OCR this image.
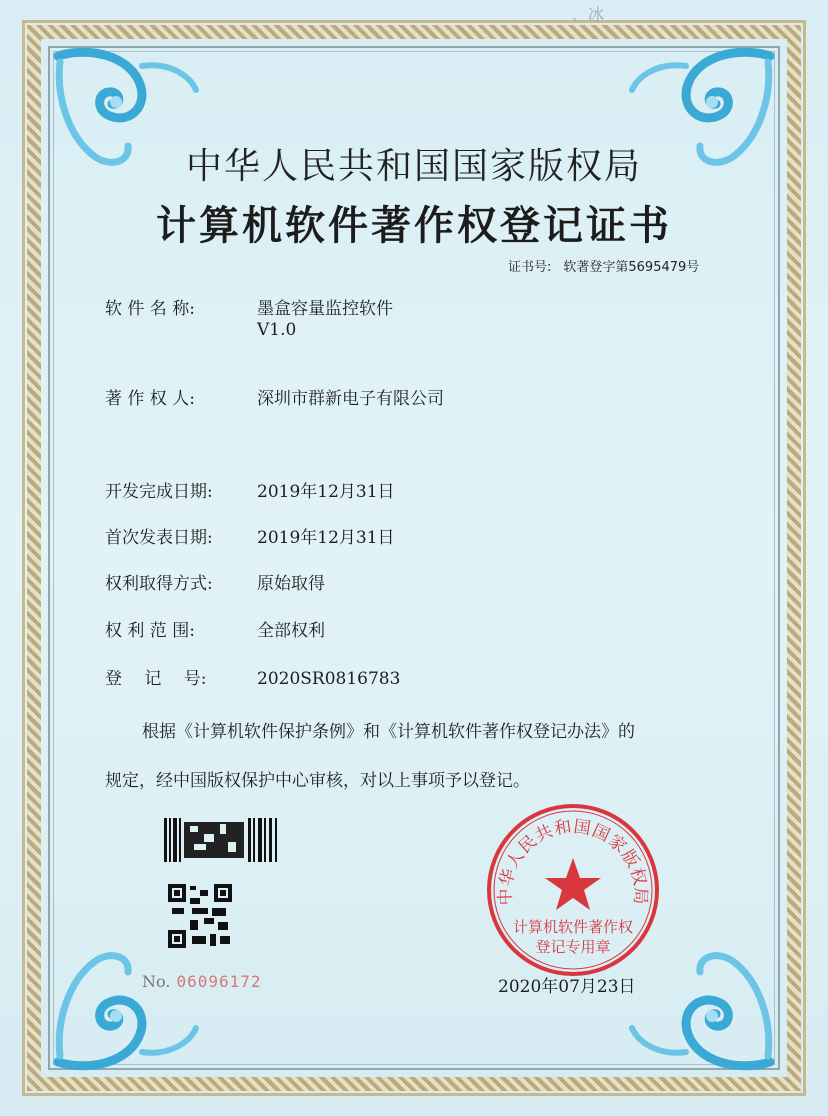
、冰
中华人民共和国国家版权局
计算机软件著作权登记证书
证书号: 软著登字第5695479号
软 件 名 称:	墨盒容量监控软件
V1.0
著 作 权 人:	深圳市群新电子有限公司
开发完成日期:	2019年12月31日
首次发表日期:	2019年12月31日
权利取得方式:	原始取得
权 利 范 围:	全部权利
登　 记　 号:	2020SR0816783
根据《计算机软件保护条例》和《计算机软件著作权登记办法》的
规定，经中国版权保护中心审核，对以上事项予以登记。
No. 06096172
中华人民共和国国家版权局
计算机软件著作权
登记专用章
2020年07月23日
